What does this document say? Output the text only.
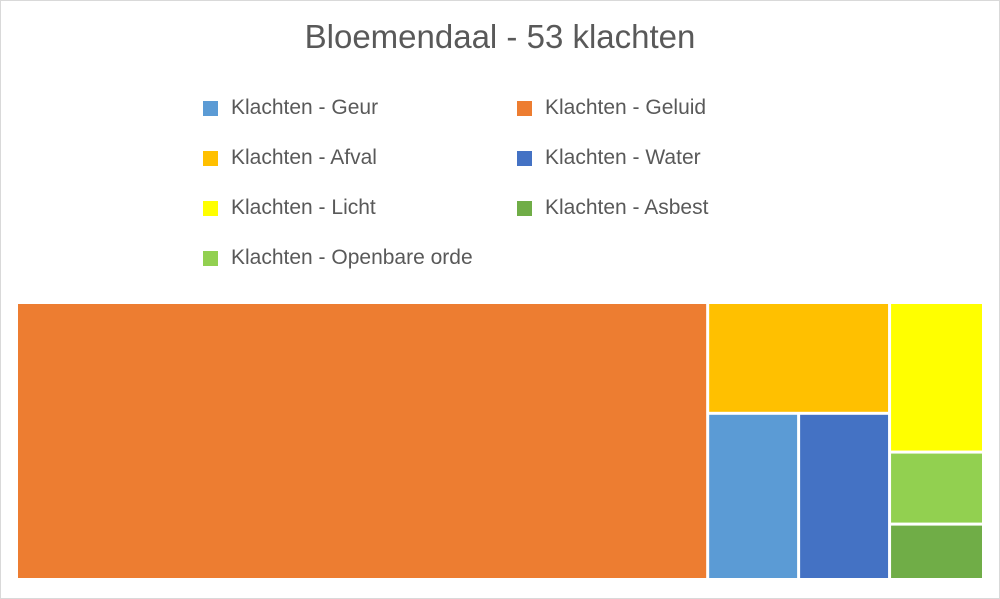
Bloemendaal - 53 klachten
Klachten - Geur	Klachten - Geluid
Klachten - Afval	Klachten - Water
Klachten - Licht	Klachten - Asbest
Klachten - Openbare orde
